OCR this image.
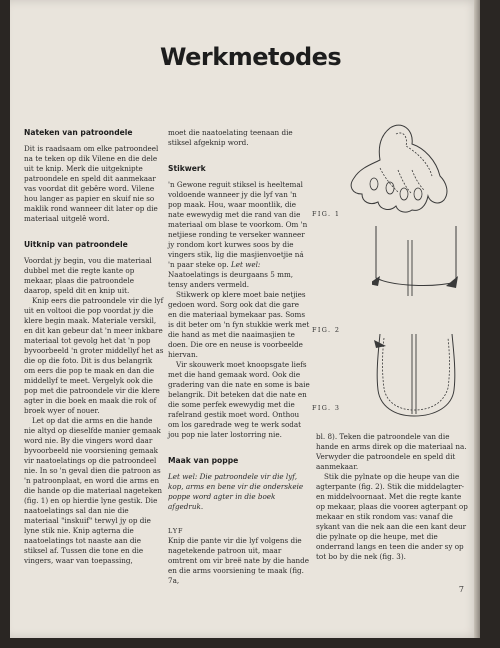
Werkmetodes
Nateken van patroondele

Dit is raadsaam om elke patroondeel na te teken op dik Vilene en die dele uit te knip. Merk die uitgeknipte patroondele en speld dit aanmekaar vas voordat dit gebêre word. Vilene hou langer as papier en skuif nie so maklik rond wanneer dit later op die materiaal uitgelê word.

Uitknip van patroondele

Voordat jy begin, vou die materiaal dubbel met die regte kante op mekaar, plaas die patroondele daarop, speld dit en knip uit.

Knip eers die patroondele vir die lyf uit en voltooi die pop voordat jy die klere begin maak. Materiale verskil, en dit kan gebeur dat 'n meer inkbare materiaal tot gevolg het dat 'n pop byvoorbeeld 'n groter middellyf het as die op die foto. Dit is dus belangrik om eers die pop te maak en dan die middellyf te meet. Vergelyk ook die pop met die patroondele vir die klere agter in die boek en maak die rok of broek wyer of nouer.

Let op dat die arms en die hande nie altyd op dieselfde manier gemaak word nie. By die vingers word daar byvoorbeeld nie voorsiening gemaak vir naatoelatings op die patroondeel nie. In so 'n geval dien die patroon as 'n patroonplaat, en word die arms en die hande op die materiaal nageteken (fig. 1) en op hierdie lyne gestik. Die naatoelatings sal dan nie die materiaal "inskuif" terwyl jy op die lyne stik nie. Knip agterna die naatoelatings tot naaste aan die stiksel af. Tussen die tone en die vingers, waar van toepassing,

moet die naatoelating teenaan die stiksel afgeknip word.

Stikwerk

'n Gewone reguit stiksel is heeltemal voldoende wanneer jy die lyf van 'n pop maak. Hou, waar moontlik, die nate ewewydig met die rand van die materiaal om blase te voorkom. Om 'n netjiese ronding te verseker wanneer jy rondom kort kurwes soos by die vingers stik, lig die masjienvoetjie ná 'n paar steke op. Let wel: Naatoelatings is deurgaans 5 mm, tensy anders vermeld.

Stikwerk op klere moet baie netjies gedoen word. Sorg ook dat die gare en die materiaal bymekaar pas. Soms is dit beter om 'n fyn stukkie werk met die hand as met die naaimasjien te doen. Die ore en neuse is voorbeelde hiervan.

Vir skouwerk moet knoopsgate liefs met die hand gemaak word. Ook die gradering van die nate en some is baie belangrik. Dit beteken dat die nate en die some perfek ewewydig met die rafelrand gestik moet word. Onthou om los garedrade weg te werk sodat jou pop nie later lostorring nie.

Maak van poppe

Let wel: Die patroondele vir die lyf, kop, arms en bene vir die onderskeie poppe word agter in die boek afgedruk.

LYF

Knip die pante vir die lyf volgens die nagetekende patroon uit, maar omtrent om vir breë nate by die hande en die arms voorsiening te maak (fig. 7a,

bl. 8). Teken die patroondele van die hande en arms direk op die materiaal na. Verwyder die patroondele en speld dit aanmekaar.

Stik die pylnate op die heupe van die agterpante (fig. 2). Stik die middelagter- en middelvoornaat. Met die regte kante op mekaar, plaas die voorен agterpant op mekaar en stik rondom vas: vanaf die sykant van die nek aan die een kant deur die pylnate op die heupe, met die onderrand langs en teen die ander sy op tot bo by die nek (fig. 3).

FIG. 1
FIG. 2
FIG. 3
7
